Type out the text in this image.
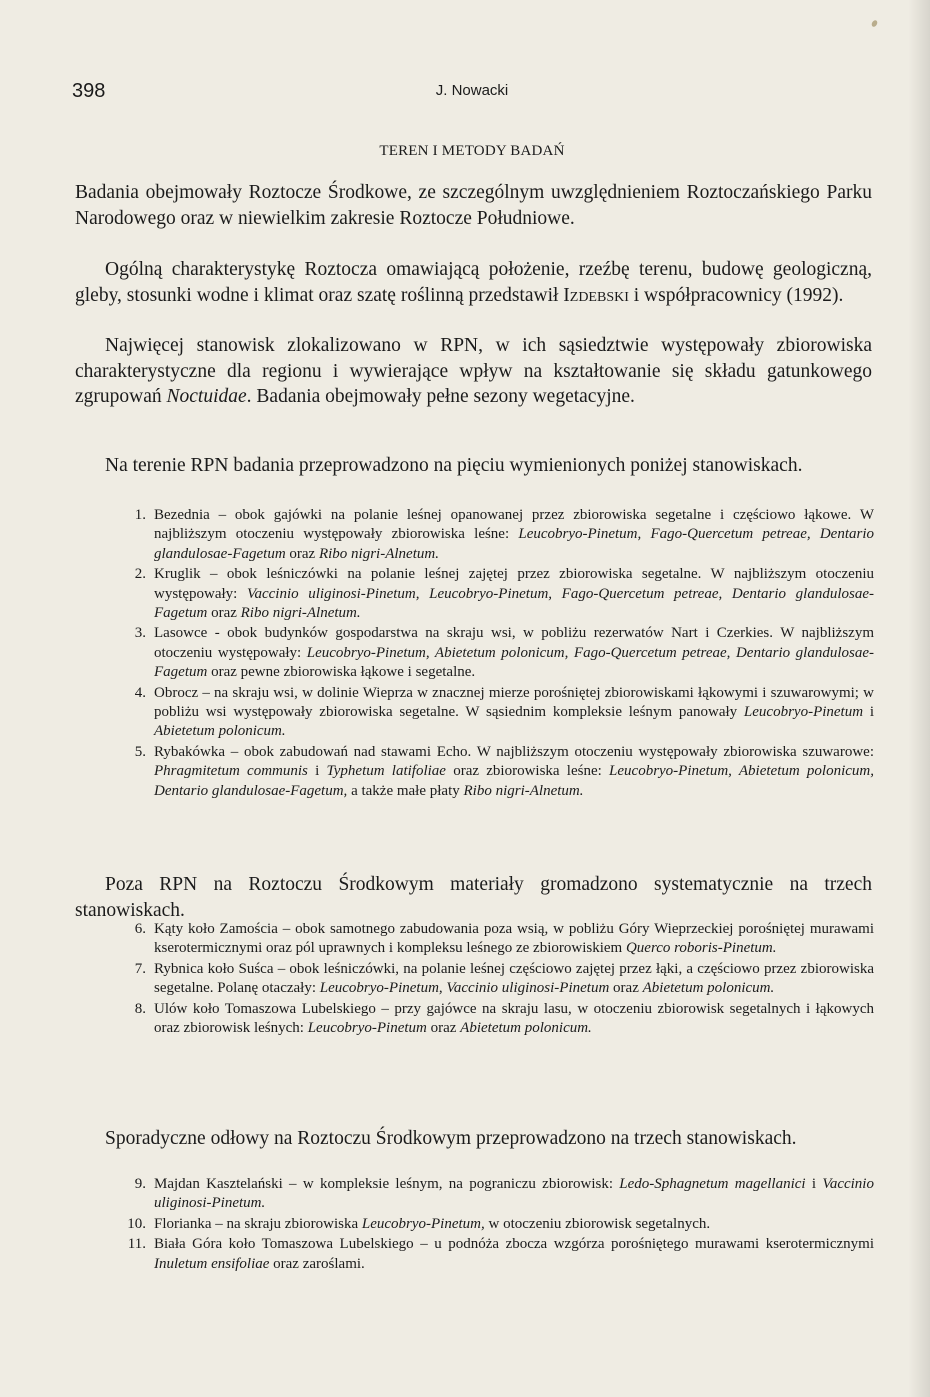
398	J. Nowacki
TEREN I METODY BADAŃ

Badania obejmowały Roztocze Środkowe, ze szczególnym uwzględnieniem Roztoczańskiego Parku Narodowego oraz w niewielkim zakresie Roztocze Południowe.

Ogólną charakterystykę Roztocza omawiającą położenie, rzeźbę terenu, budowę geologiczną, gleby, stosunki wodne i klimat oraz szatę roślinną przedstawił Izdebski i współpracownicy (1992).

Najwięcej stanowisk zlokalizowano w RPN, w ich sąsiedztwie występowały zbiorowiska charakterystyczne dla regionu i wywierające wpływ na kształtowanie się składu gatunkowego zgrupowań Noctuidae. Badania obejmowały pełne sezony wegetacyjne.

Na terenie RPN badania przeprowadzono na pięciu wymienionych poniżej stanowiskach.

1. Bezednia – obok gajówki na polanie leśnej opanowanej przez zbiorowiska segetalne i częściowo łąkowe. W najbliższym otoczeniu występowały zbiorowiska leśne: Leucobryo-Pinetum, Fago-Quercetum petreae, Dentario glandulosae-Fagetum oraz Ribo nigri-Alnetum.
2. Kruglik – obok leśniczówki na polanie leśnej zajętej przez zbiorowiska segetalne. W najbliższym otoczeniu występowały: Vaccinio uliginosi-Pinetum, Leucobryo-Pinetum, Fago-Quercetum petreae, Dentario glandulosae-Fagetum oraz Ribo nigri-Alnetum.
3. Lasowce - obok budynków gospodarstwa na skraju wsi, w pobliżu rezerwatów Nart i Czerkies. W najbliższym otoczeniu występowały: Leucobryo-Pinetum, Abietetum polonicum, Fago-Quercetum petreae, Dentario glandulosae-Fagetum oraz pewne zbiorowiska łąkowe i segetalne.
4. Obrocz – na skraju wsi, w dolinie Wieprza w znacznej mierze porośniętej zbiorowiskami łąkowymi i szuwarowymi; w pobliżu wsi występowały zbiorowiska segetalne. W sąsiednim kompleksie leśnym panowały Leucobryo-Pinetum i Abietetum polonicum.
5. Rybakówka – obok zabudowań nad stawami Echo. W najbliższym otoczeniu występowały zbiorowiska szuwarowe: Phragmitetum communis i Typhetum latifoliae oraz zbiorowiska leśne: Leucobryo-Pinetum, Abietetum polonicum, Dentario glandulosae-Fagetum, a także małe płaty Ribo nigri-Alnetum.

Poza RPN na Roztoczu Środkowym materiały gromadzono systematycznie na trzech stanowiskach.

6. Kąty koło Zamościa – obok samotnego zabudowania poza wsią, w pobliżu Góry Wieprzeckiej porośniętej murawami kserotermicznymi oraz pól uprawnych i kompleksu leśnego ze zbiorowiskiem Querco roboris-Pinetum.
7. Rybnica koło Suśca – obok leśniczówki, na polanie leśnej częściowo zajętej przez łąki, a częściowo przez zbiorowiska segetalne. Polanę otaczały: Leucobryo-Pinetum, Vaccinio uliginosi-Pinetum oraz Abietetum polonicum.
8. Ulów koło Tomaszowa Lubelskiego – przy gajówce na skraju lasu, w otoczeniu zbiorowisk segetalnych i łąkowych oraz zbiorowisk leśnych: Leucobryo-Pinetum oraz Abietetum polonicum.

Sporadyczne odłowy na Roztoczu Środkowym przeprowadzono na trzech stanowiskach.

9. Majdan Kasztelański – w kompleksie leśnym, na pograniczu zbiorowisk: Ledo-Sphagnetum magellanici i Vaccinio uliginosi-Pinetum.
10. Florianka – na skraju zbiorowiska Leucobryo-Pinetum, w otoczeniu zbiorowisk segetalnych.
11. Biała Góra koło Tomaszowa Lubelskiego – u podnóża zbocza wzgórza porośniętego murawami kserotermicznymi Inuletum ensifoliae oraz zaroślami.
